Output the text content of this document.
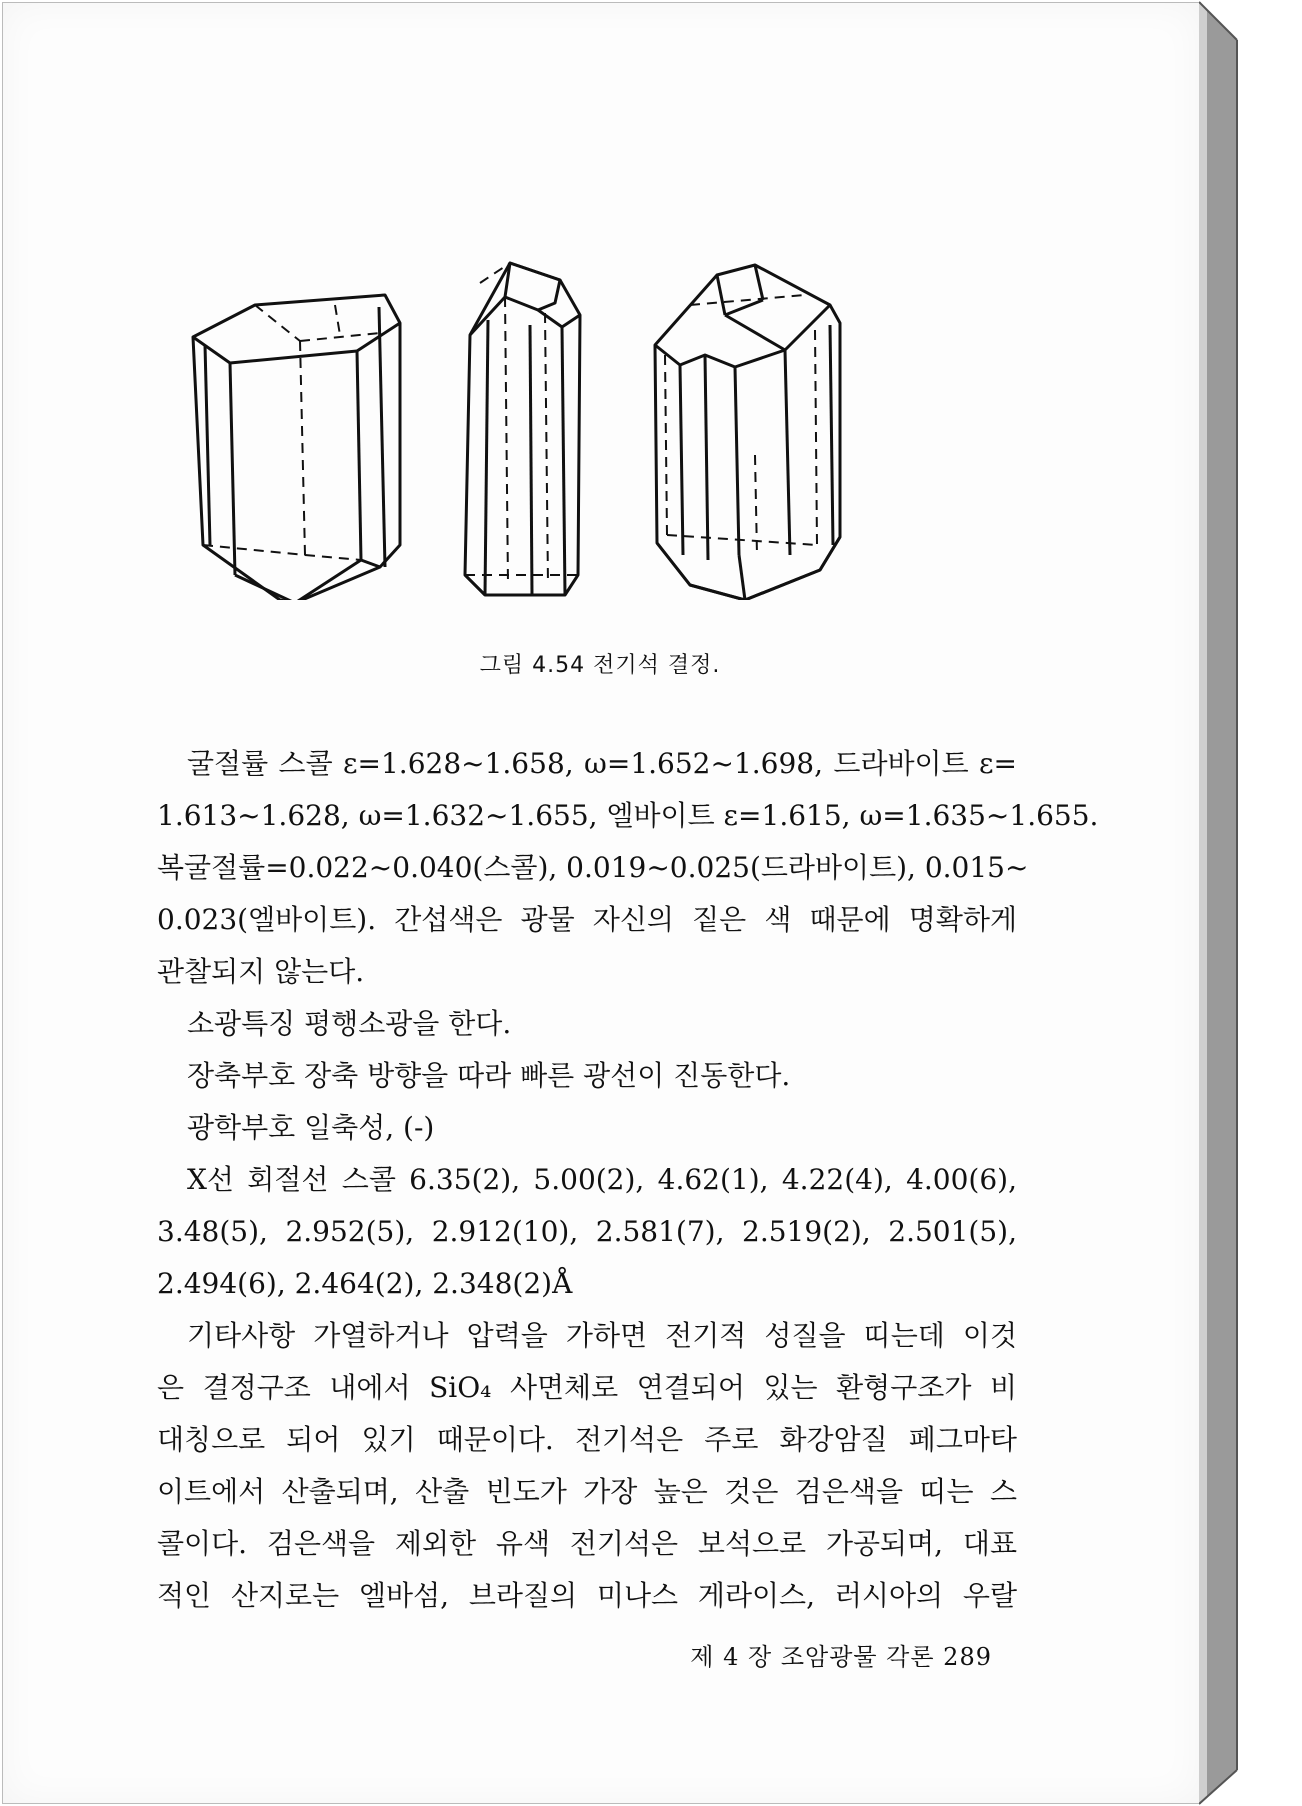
그림 4.54 전기석 결정.
굴절률 스콜 ε=1.628~1.658, ω=1.652~1.698, 드라바이트 ε=
1.613~1.628, ω=1.632~1.655, 엘바이트 ε=1.615, ω=1.635~1.655.
복굴절률=0.022~0.040(스콜), 0.019~0.025(드라바이트), 0.015~
0.023(엘바이트). 간섭색은 광물 자신의 짙은 색 때문에 명확하게
관찰되지 않는다.
소광특징 평행소광을 한다.
장축부호 장축 방향을 따라 빠른 광선이 진동한다.
광학부호 일축성, (-)
X선 회절선 스콜 6.35(2), 5.00(2), 4.62(1), 4.22(4), 4.00(6),
3.48(5), 2.952(5), 2.912(10), 2.581(7), 2.519(2), 2.501(5),
2.494(6), 2.464(2), 2.348(2)Å
기타사항 가열하거나 압력을 가하면 전기적 성질을 띠는데 이것
은 결정구조 내에서 SiO₄ 사면체로 연결되어 있는 환형구조가 비
대칭으로 되어 있기 때문이다. 전기석은 주로 화강암질 페그마타
이트에서 산출되며, 산출 빈도가 가장 높은 것은 검은색을 띠는 스
콜이다. 검은색을 제외한 유색 전기석은 보석으로 가공되며, 대표
적인 산지로는 엘바섬, 브라질의 미나스 게라이스, 러시아의 우랄
제 4 장 조암광물 각론 289
